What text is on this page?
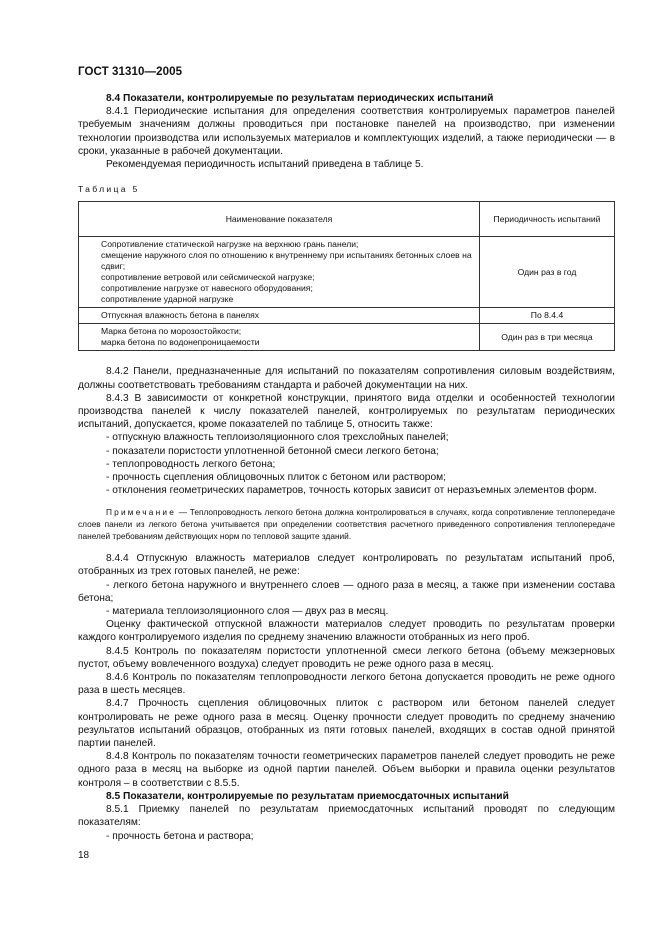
ГОСТ 31310—2005

8.4 Показатели, контролируемые по результатам периодических испытаний

8.4.1 Периодические испытания для определения соответствия контролируемых параметров панелей требуемым значениям должны проводиться при постановке панелей на производство, при изменении технологии производства или используемых материалов и комплектующих изделий, а также периодически — в сроки, указанные в рабочей документации.

Рекомендуемая периодичность испытаний приведена в таблице 5.

Таблица 5

Наименование показателя	Периодичность испытаний

Сопротивление статической нагрузке на верхнюю грань панели;
смещение наружного слоя по отношению к внутреннему при испытаниях бетонных слоев на сдвиг;
сопротивление ветровой или сейсмической нагрузке;
сопротивление нагрузке от навесного оборудования;
сопротивление ударной нагрузке	Один раз в год

Отпускная влажность бетона в панелях	По 8.4.4

Марка бетона по морозостойкости;
марка бетона по водонепроницаемости	Один раз в три месяца

8.4.2 Панели, предназначенные для испытаний по показателям сопротивления силовым воздействиям, должны соответствовать требованиям стандарта и рабочей документации на них.

8.4.3 В зависимости от конкретной конструкции, принятого вида отделки и особенностей технологии производства панелей к числу показателей панелей, контролируемых по результатам периодических испытаний, допускается, кроме показателей по таблице 5, относить также:

- отпускную влажность теплоизоляционного слоя трехслойных панелей;

- показатели пористости уплотненной бетонной смеси легкого бетона;

- теплопроводность легкого бетона;

- прочность сцепления облицовочных плиток с бетоном или раствором;

- отклонения геометрических параметров, точность которых зависит от неразъемных элементов форм.

Примечание — Теплопроводность легкого бетона должна контролироваться в случаях, когда сопротивление теплопередаче слоев панели из легкого бетона учитывается при определении соответствия расчетного приведенного сопротивления теплопередаче панелей требованиям действующих норм по тепловой защите зданий.

8.4.4 Отпускную влажность материалов следует контролировать по результатам испытаний проб, отобранных из трех готовых панелей, не реже:

- легкого бетона наружного и внутреннего слоев — одного раза в месяц, а также при изменении состава бетона;

- материала теплоизоляционного слоя — двух раз в месяц.

Оценку фактической отпускной влажности материалов следует проводить по результатам проверки каждого контролируемого изделия по среднему значению влажности отобранных из него проб.

8.4.5 Контроль по показателям пористости уплотненной смеси легкого бетона (объему межзерновых пустот, объему вовлеченного воздуха) следует проводить не реже одного раза в месяц.

8.4.6 Контроль по показателям теплопроводности легкого бетона допускается проводить не реже одного раза в шесть месяцев.

8.4.7 Прочность сцепления облицовочных плиток с раствором или бетоном панелей следует контролировать не реже одного раза в месяц. Оценку прочности следует проводить по среднему значению результатов испытаний образцов, отобранных из пяти готовых панелей, входящих в состав одной принятой партии панелей.

8.4.8 Контроль по показателям точности геометрических параметров панелей следует проводить не реже одного раза в месяц на выборке из одной партии панелей. Объем выборки и правила оценки результатов контроля – в соответствии с 8.5.5.

8.5 Показатели, контролируемые по результатам приемосдаточных испытаний

8.5.1 Приемку панелей по результатам приемосдаточных испытаний проводят по следующим показателям:

- прочность бетона и раствора;

18
